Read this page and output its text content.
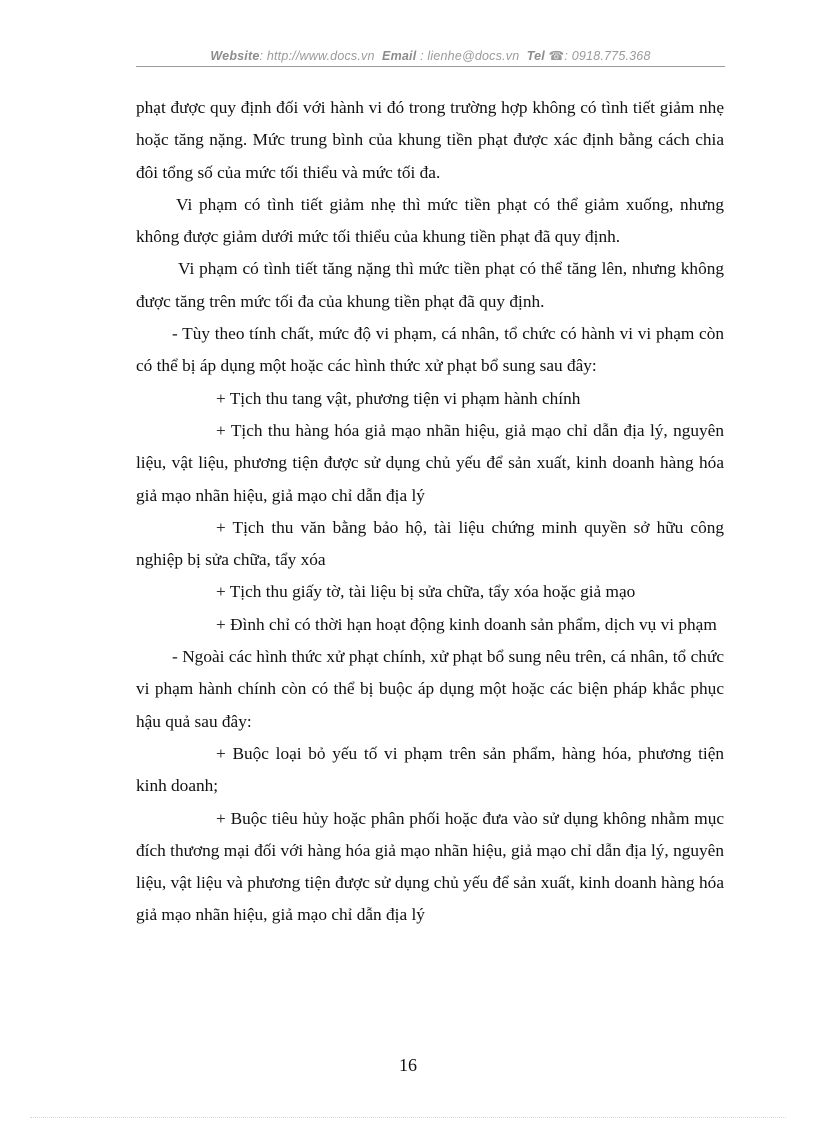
Website: http://www.docs.vn Email : lienhe@docs.vn Tel ☎: 0918.775.368

phạt được quy định đối với hành vi đó trong trường hợp không có tình tiết giảm nhẹ hoặc tăng nặng. Mức trung bình của khung tiền phạt được xác định bằng cách chia đôi tổng số của mức tối thiểu và mức tối đa.

Vi phạm có tình tiết giảm nhẹ thì mức tiền phạt có thể giảm xuống, nhưng không được giảm dưới mức tối thiểu của khung tiền phạt đã quy định.

Vi phạm có tình tiết tăng nặng thì mức tiền phạt có thể tăng lên, nhưng không được tăng trên mức tối đa của khung tiền phạt đã quy định.

- Tùy theo tính chất, mức độ vi phạm, cá nhân, tổ chức có hành vi vi phạm còn có thể bị áp dụng một hoặc các hình thức xử phạt bổ sung sau đây:

+ Tịch thu tang vật, phương tiện vi phạm hành chính

+ Tịch thu hàng hóa giả mạo nhãn hiệu, giả mạo chỉ dẫn địa lý, nguyên liệu, vật liệu, phương tiện được sử dụng chủ yếu để sản xuất, kinh doanh hàng hóa giả mạo nhãn hiệu, giả mạo chỉ dẫn địa lý

+ Tịch thu văn bằng bảo hộ, tài liệu chứng minh quyền sở hữu công nghiệp bị sửa chữa, tẩy xóa

+ Tịch thu giấy tờ, tài liệu bị sửa chữa, tẩy xóa hoặc giả mạo

+ Đình chỉ có thời hạn hoạt động kinh doanh sản phẩm, dịch vụ vi phạm

- Ngoài các hình thức xử phạt chính, xử phạt bổ sung nêu trên, cá nhân, tổ chức vi phạm hành chính còn có thể bị buộc áp dụng một hoặc các biện pháp khắc phục hậu quả sau đây:

+ Buộc loại bỏ yếu tố vi phạm trên sản phẩm, hàng hóa, phương tiện kinh doanh;

+ Buộc tiêu hủy hoặc phân phối hoặc đưa vào sử dụng không nhằm mục đích thương mại đối với hàng hóa giả mạo nhãn hiệu, giả mạo chỉ dẫn địa lý, nguyên liệu, vật liệu và phương tiện được sử dụng chủ yếu để sản xuất, kinh doanh hàng hóa giả mạo nhãn hiệu, giả mạo chỉ dẫn địa lý

16
